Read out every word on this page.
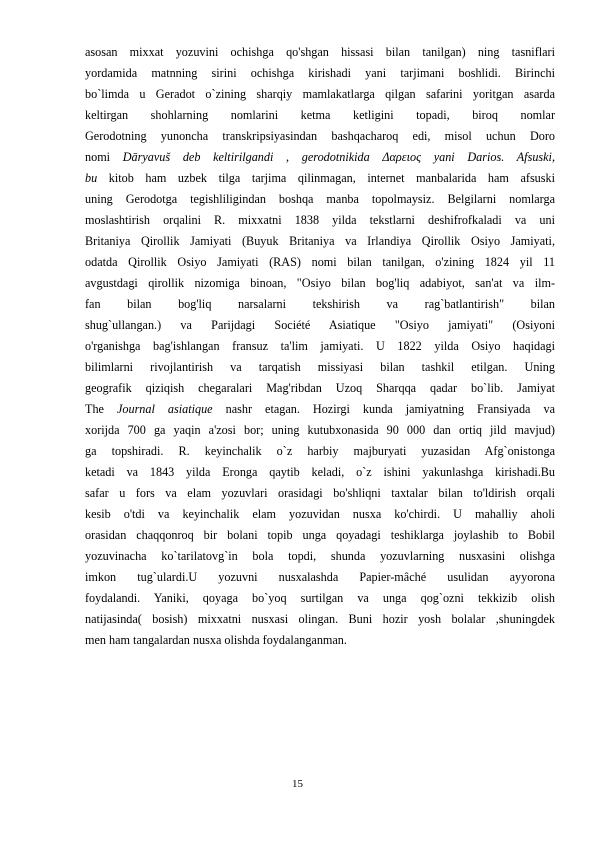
asosan mixxat yozuvini ochishga qo'shgan hissasi bilan tanilgan) ning tasniflari
yordamida matnning sirini ochishga kirishadi yani tarjimani boshlidi. Birinchi
bo`limda u Geradot o`zining sharqiy mamlakatlarga qilgan safarini yoritgan asarda
keltirgan shohlarning nomlarini ketma ketligini topadi, biroq nomlar
Gerodotning yunoncha transkripsiyasindan bashqacharoq edi, misol uchun Doro
nomi Dāryavuš deb keltirilgandi , gerodotnikida Δαρειος yani Darios. Afsuski,
bu kitob ham uzbek tilga tarjima qilinmagan, internet manbalarida ham afsuski
uning Gerodotga tegishliligindan boshqa manba topolmaysiz. Belgilarni nomlarga
moslashtirish orqalini R. mixxatni 1838 yilda tekstlarni deshifrofkaladi va uni
Britaniya Qirollik Jamiyati (Buyuk Britaniya va Irlandiya Qirollik Osiyo Jamiyati,
odatda Qirollik Osiyo Jamiyati (RAS) nomi bilan tanilgan, o'zining 1824 yil 11
avgustdagi qirollik nizomiga binoan, "Osiyo bilan bog'liq adabiyot, san'at va ilm-
fan bilan bog'liq narsalarni tekshirish va rag`batlantirish" bilan
shug`ullangan.) va Parijdagi Société Asiatique "Osiyo jamiyati" (Osiyoni
o'rganishga bag'ishlangan fransuz ta'lim jamiyati. U 1822 yilda Osiyo haqidagi
bilimlarni rivojlantirish va tarqatish missiyasi bilan tashkil etilgan. Uning
geografik qiziqish chegaralari Mag'ribdan Uzoq Sharqqa qadar bo`lib. Jamiyat
The Journal asiatique nashr etagan. Hozirgi kunda jamiyatning Fransiyada va
xorijda 700 ga yaqin a'zosi bor; uning kutubxonasida 90 000 dan ortiq jild mavjud)
ga topshiradi. R. keyinchalik o`z harbiy majburyati yuzasidan Afg`onistonga
ketadi va 1843 yilda Eronga qaytib keladi, o`z ishini yakunlashga kirishadi.Bu
safar u fors va elam yozuvlari orasidagi bo'shliqni taxtalar bilan to'ldirish orqali
kesib o'tdi va keyinchalik elam yozuvidan nusxa ko'chirdi. U mahalliy aholi
orasidan chaqqonroq bir bolani topib unga qoyadagi teshiklarga joylashib to Bobil
yozuvinacha ko`tarilatovg`in bola topdi, shunda yozuvlarning nusxasini olishga
imkon tug`ulardi.U yozuvni nusxalashda Papier-mâché usulidan ayyorona
foydalandi. Yaniki, qoyaga bo`yoq surtilgan va unga qog`ozni tekkizib olish
natijasinda( bosish) mixxatni nusxasi olingan. Buni hozir yosh bolalar ,shuningdek
men ham tangalardan nusxa olishda foydalanganman.
15
